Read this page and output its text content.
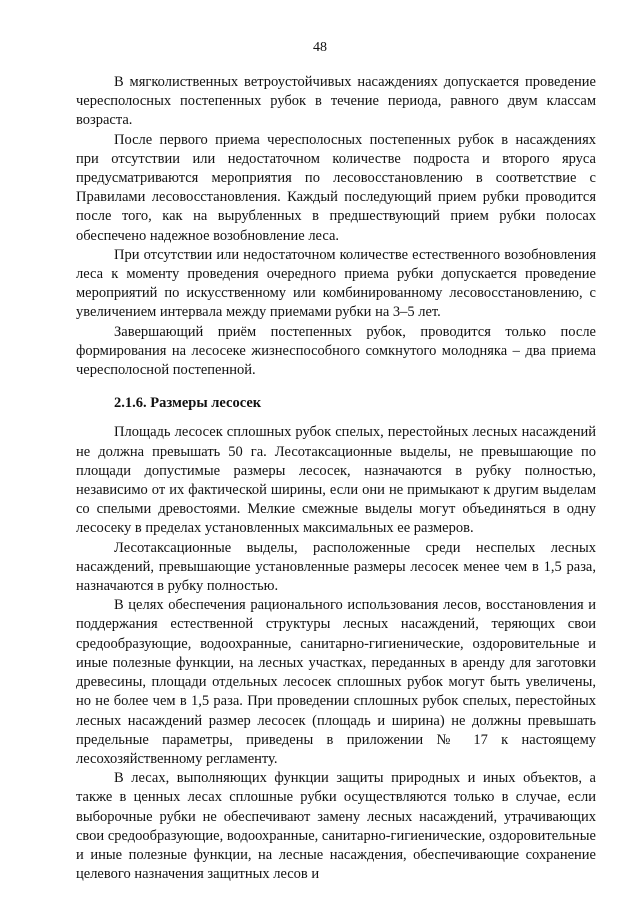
48

В мягколиственных ветроустойчивых насаждениях допускается проведение чересполосных постепенных рубок в течение периода, равного двум классам возраста.

После первого приема чересполосных постепенных рубок в насаждениях при отсутствии или недостаточном количестве подроста и второго яруса предусматриваются мероприятия по лесовосстановлению в соответствие с Правилами лесовосстановления. Каждый последующий прием рубки проводится после того, как на вырубленных в предшествующий прием рубки полосах обеспечено надежное возобновление леса.

При отсутствии или недостаточном количестве естественного возобновления леса к моменту проведения очередного приема рубки допускается проведение мероприятий по искусственному или комбинированному лесовосстановлению, с увеличением интервала между приемами рубки на 3–5 лет.

Завершающий приём постепенных рубок, проводится только после формирования на лесосеке жизнеспособного сомкнутого молодняка – два приема чересполосной постепенной.

2.1.6. Размеры лесосек

Площадь лесосек сплошных рубок спелых, перестойных лесных насаждений не должна превышать 50 га. Лесотаксационные выделы, не превышающие по площади допустимые размеры лесосек, назначаются в рубку полностью, независимо от их фактической ширины, если они не примыкают к другим выделам со спелыми древостоями. Мелкие смежные выделы могут объединяться в одну лесосеку в пределах установленных максимальных ее размеров.

Лесотаксационные выделы, расположенные среди неспелых лесных насаждений, превышающие установленные размеры лесосек менее чем в 1,5 раза, назначаются в рубку полностью.

В целях обеспечения рационального использования лесов, восстановления и поддержания естественной структуры лесных насаждений, теряющих свои средообразующие, водоохранные, санитарно-гигиенические, оздоровительные и иные полезные функции, на лесных участках, переданных в аренду для заготовки древесины, площади отдельных лесосек сплошных рубок могут быть увеличены, но не более чем в 1,5 раза. При проведении сплошных рубок спелых, перестойных лесных насаждений размер лесосек (площадь и ширина) не должны превышать предельные параметры, приведены в приложении № 17 к настоящему лесохозяйственному регламенту.

В лесах, выполняющих функции защиты природных и иных объектов, а также в ценных лесах сплошные рубки осуществляются только в случае, если выборочные рубки не обеспечивают замену лесных насаждений, утрачивающих свои средообразующие, водоохранные, санитарно-гигиенические, оздоровительные и иные полезные функции, на лесные насаждения, обеспечивающие сохранение целевого назначения защитных лесов и
